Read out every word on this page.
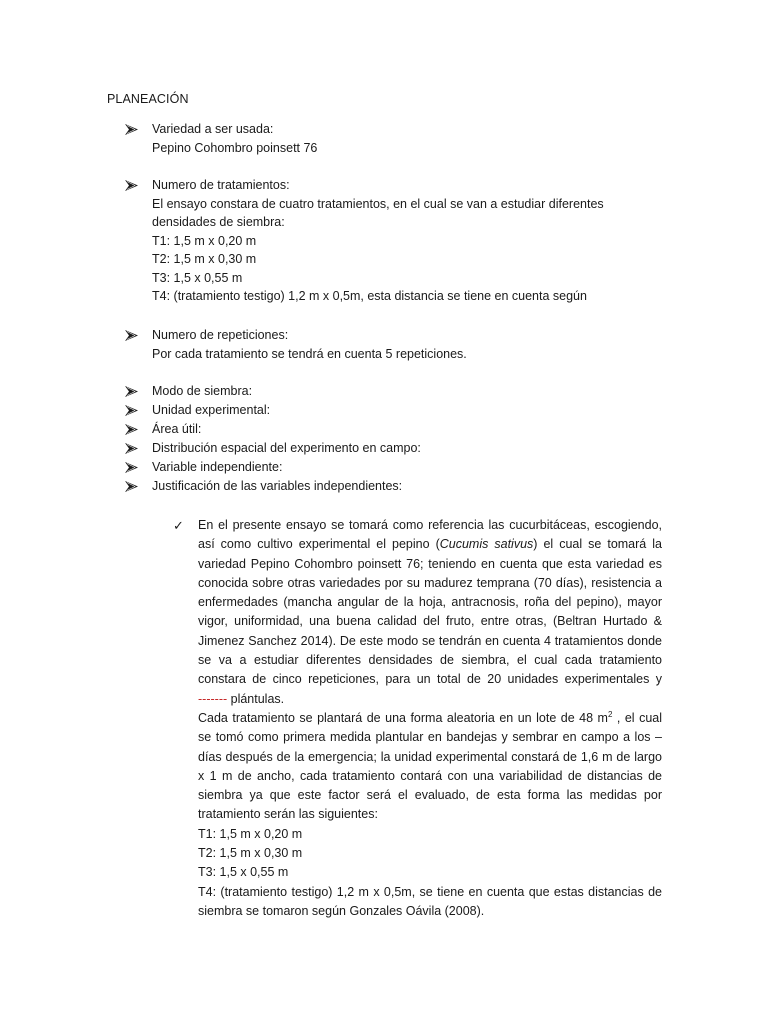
PLANEACIÓN
Variedad a ser usada:
Pepino Cohombro poinsett 76
Numero de tratamientos:
El ensayo constara de cuatro tratamientos, en el cual se van a estudiar diferentes
densidades de siembra:
T1: 1,5 m x 0,20 m
T2: 1,5 m x 0,30 m
T3: 1,5 x 0,55 m
T4: (tratamiento testigo) 1,2 m x 0,5m, esta distancia se tiene en cuenta según
Numero de repeticiones:
Por cada tratamiento se tendrá en cuenta 5 repeticiones.
Modo de siembra:
Unidad experimental:
Área útil:
Distribución espacial del experimento en campo:
Variable independiente:
Justificación de las variables independientes:
✓ En el presente ensayo se tomará como referencia las cucurbitáceas, escogiendo,
así como cultivo experimental el pepino (Cucumis sativus) el cual se tomará la
variedad Pepino Cohombro poinsett 76; teniendo en cuenta que esta variedad es
conocida sobre otras variedades por su madurez temprana (70 días), resistencia a
enfermedades (mancha angular de la hoja, antracnosis, roña del pepino), mayor
vigor, uniformidad, una buena calidad del fruto, entre otras, (Beltran Hurtado &
Jimenez Sanchez 2014). De este modo se tendrán en cuenta 4 tratamientos donde
se va a estudiar diferentes densidades de siembra, el cual cada tratamiento
constara de cinco repeticiones, para un total de 20 unidades experimentales y
------- plántulas.
Cada tratamiento se plantará de una forma aleatoria en un lote de 48 $m^2$ , el cual
se tomó como primera medida plantular en bandejas y sembrar en campo a los –
días después de la emergencia; la unidad experimental constará de 1,6 m de largo
x 1 m de ancho, cada tratamiento contará con una variabilidad de distancias de
siembra ya que este factor será el evaluado, de esta forma las medidas por
tratamiento serán las siguientes:
T1: 1,5 m x 0,20 m
T2: 1,5 m x 0,30 m
T3: 1,5 x 0,55 m
T4: (tratamiento testigo) 1,2 m x 0,5m, se tiene en cuenta que estas distancias de
siembra se tomaron según Gonzales Oávila (2008).
